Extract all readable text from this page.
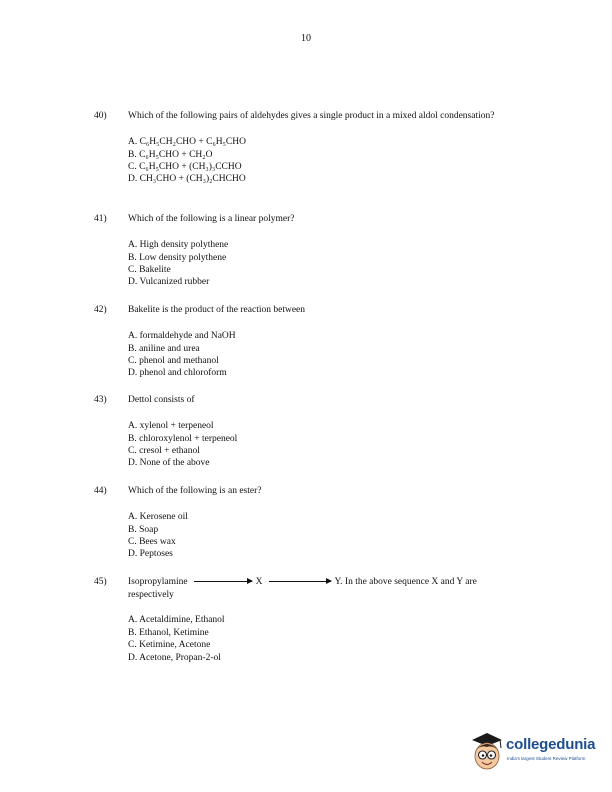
10
40)	Which of the following pairs of aldehydes gives a single product in a mixed aldol condensation?
A. C₆H₅CH₂CHO + C₆H₅CHO
B. C₆H₅CHO + CH₂O
C. C₆H₅CHO + (CH₃)₃CCHO
D. CH₃CHO + (CH₃)₂CHCHO
41)	Which of the following is a linear polymer?
A. High density polythene
B. Low density polythene
C. Bakelite
D. Vulcanized rubber
42)	Bakelite is the product of the reaction between
A. formaldehyde and NaOH
B. aniline and urea
C. phenol and methanol
D. phenol and chloroform
43)	Dettol consists of
A. xylenol + terpeneol
B. chloroxylenol + terpeneol
C. cresol + ethanol
D. None of the above
44)	Which of the following is an ester?
A. Kerosene oil
B. Soap
C. Bees wax
D. Peptoses
45)	Isopropylamine	X	Y. In the above sequence X and Y are
respectively
A. Acetaldimine, Ethanol
B. Ethanol, Ketimine
C. Ketimine, Acetone
D. Acetone, Propan-2-ol
collegedunia
India's largest Student Review Platform
